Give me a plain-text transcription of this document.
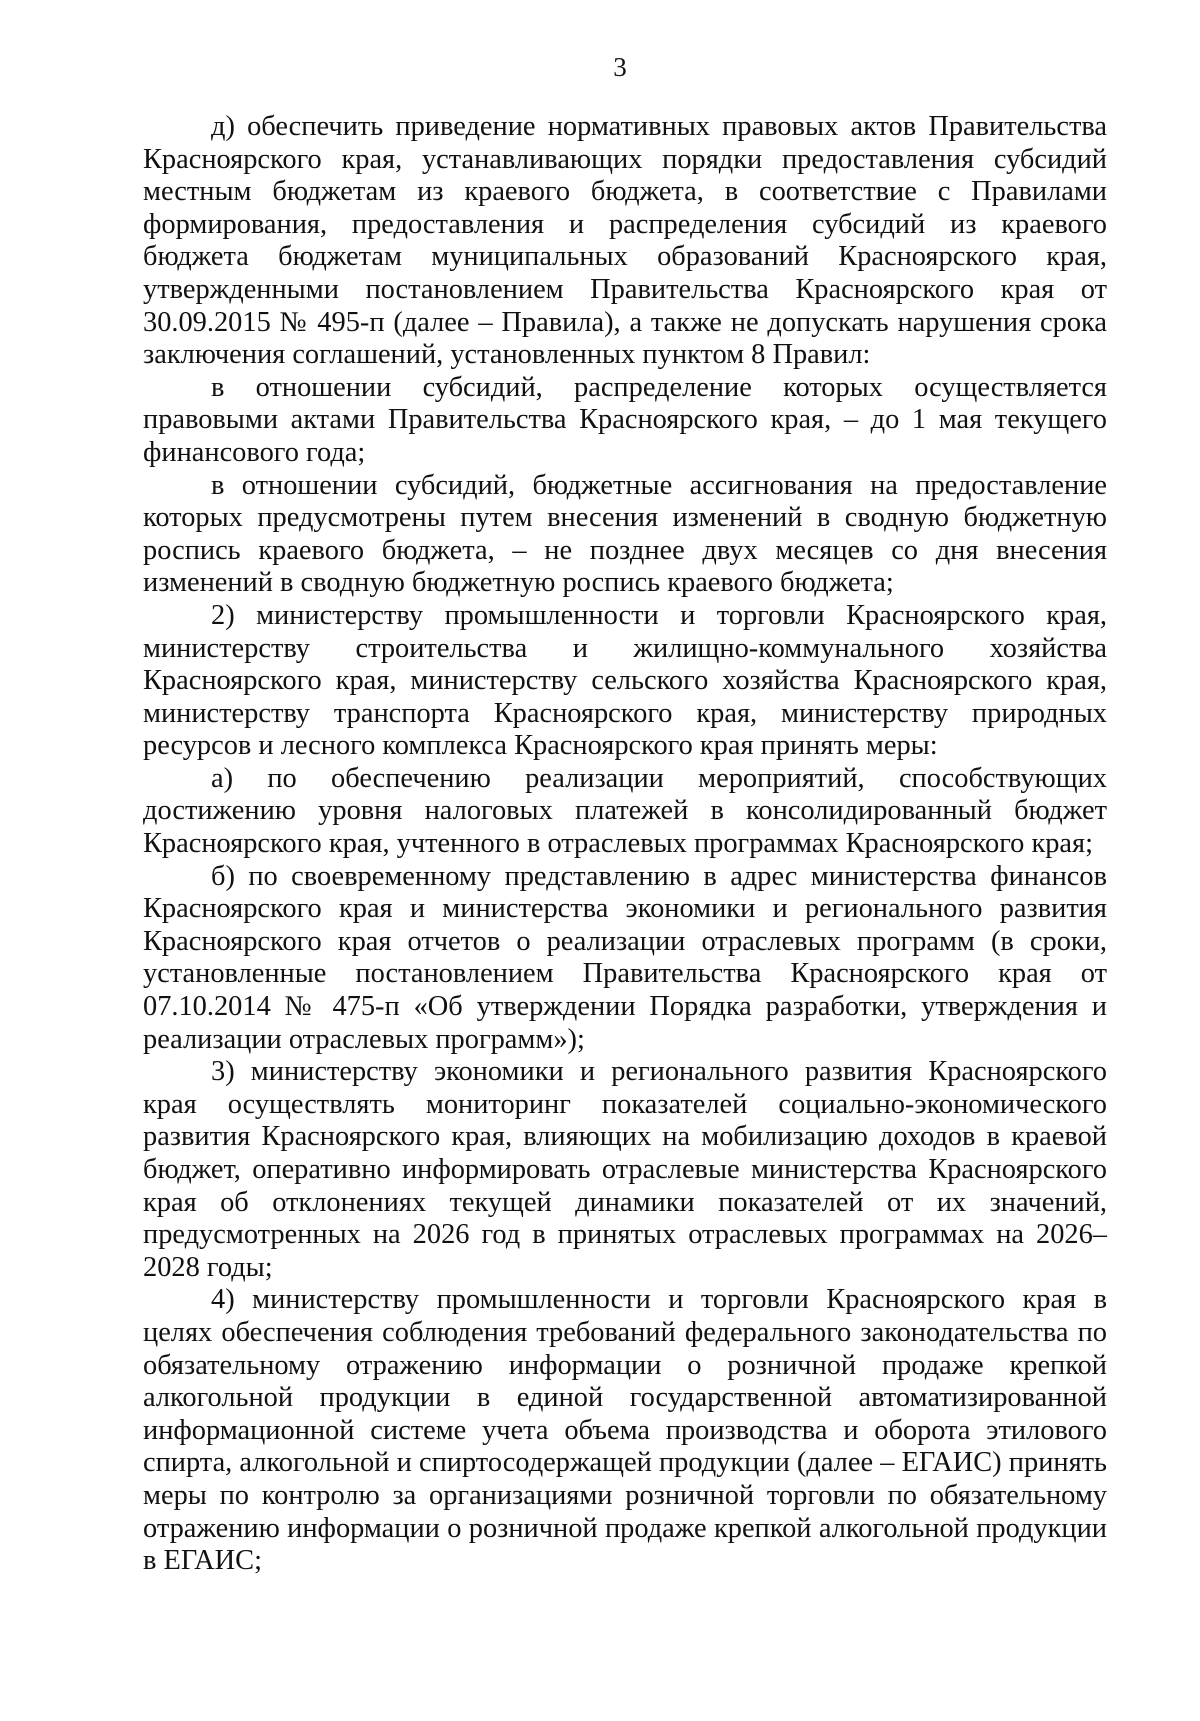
3

д) обеспечить приведение нормативных правовых актов Правительства Красноярского края, устанавливающих порядки предоставления субсидий местным бюджетам из краевого бюджета, в соответствие с Правилами формирования, предоставления и распределения субсидий из краевого бюджета бюджетам муниципальных образований Красноярского края, утвержденными постановлением Правительства Красноярского края от 30.09.2015 № 495-п (далее – Правила), а также не допускать нарушения срока заключения соглашений, установленных пунктом 8 Правил:

в отношении субсидий, распределение которых осуществляется правовыми актами Правительства Красноярского края, – до 1 мая текущего финансового года;

в отношении субсидий, бюджетные ассигнования на предоставление которых предусмотрены путем внесения изменений в сводную бюджетную роспись краевого бюджета, – не позднее двух месяцев со дня внесения изменений в сводную бюджетную роспись краевого бюджета;

2) министерству промышленности и торговли Красноярского края, министерству строительства и жилищно-коммунального хозяйства Красноярского края, министерству сельского хозяйства Красноярского края, министерству транспорта Красноярского края, министерству природных ресурсов и лесного комплекса Красноярского края принять меры:

а) по обеспечению реализации мероприятий, способствующих достижению уровня налоговых платежей в консолидированный бюджет Красноярского края, учтенного в отраслевых программах Красноярского края;

б) по своевременному представлению в адрес министерства финансов Красноярского края и министерства экономики и регионального развития Красноярского края отчетов о реализации отраслевых программ (в сроки, установленные постановлением Правительства Красноярского края от 07.10.2014 № 475-п «Об утверждении Порядка разработки, утверждения и реализации отраслевых программ»);

3) министерству экономики и регионального развития Красноярского края осуществлять мониторинг показателей социально-экономического развития Красноярского края, влияющих на мобилизацию доходов в краевой бюджет, оперативно информировать отраслевые министерства Красноярского края об отклонениях текущей динамики показателей от их значений, предусмотренных на 2026 год в принятых отраслевых программах на 2026–2028 годы;

4) министерству промышленности и торговли Красноярского края в целях обеспечения соблюдения требований федерального законодательства по обязательному отражению информации о розничной продаже крепкой алкогольной продукции в единой государственной автоматизированной информационной системе учета объема производства и оборота этилового спирта, алкогольной и спиртосодержащей продукции (далее – ЕГАИС) принять меры по контролю за организациями розничной торговли по обязательному отражению информации о розничной продаже крепкой алкогольной продукции в ЕГАИС;
